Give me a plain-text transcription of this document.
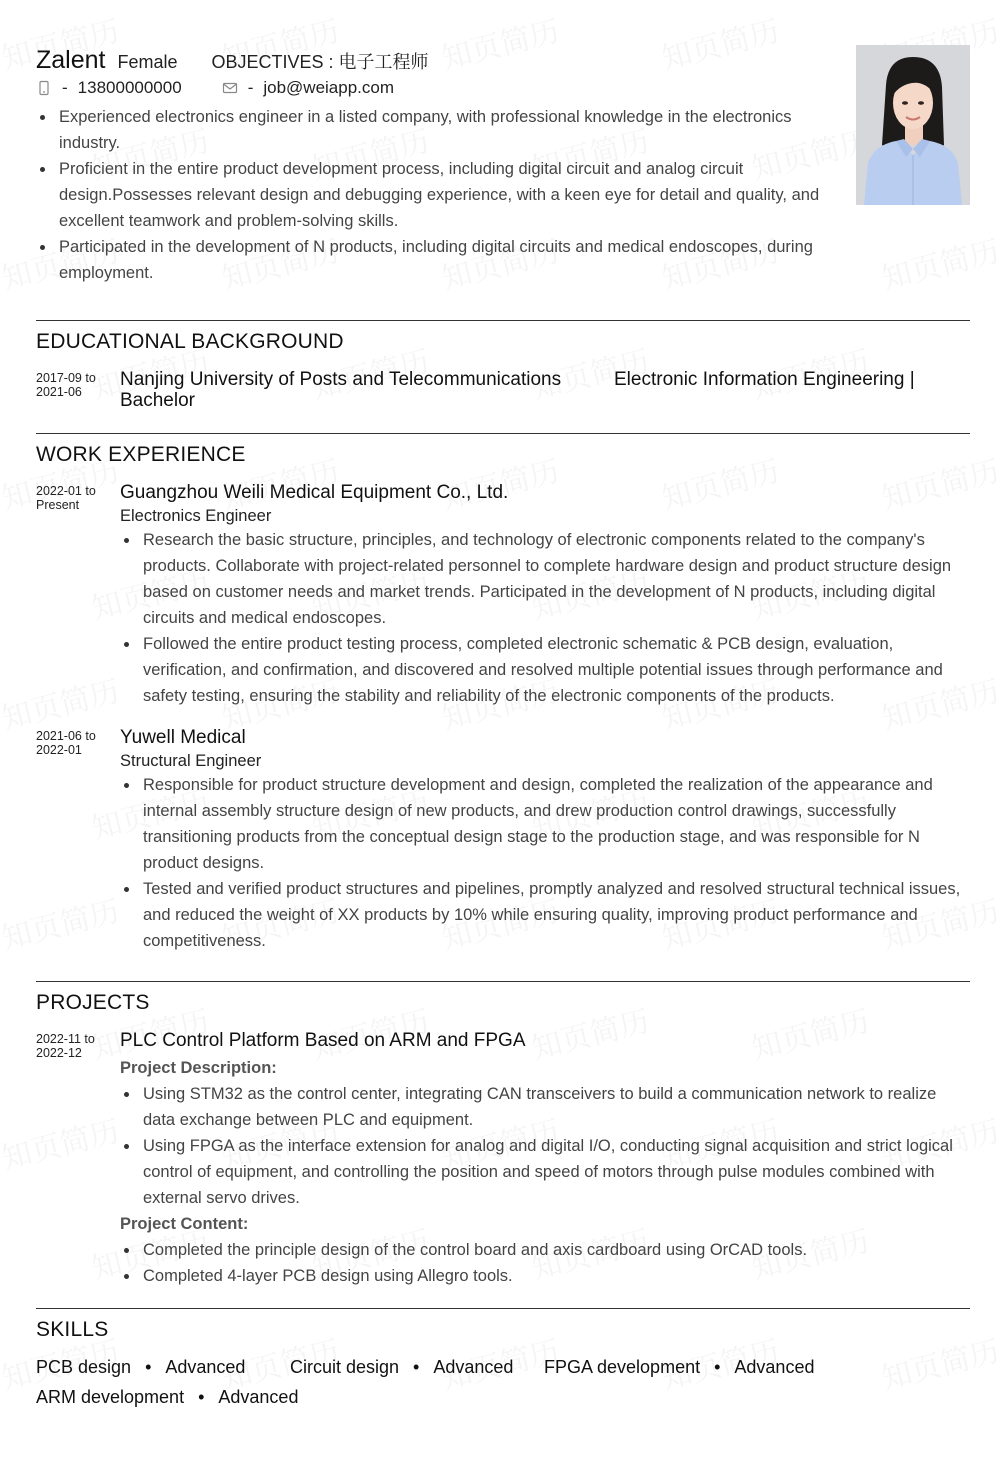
Zalent Female OBJECTIVES : 电子工程师
- 13800000000	- job@weiapp.com
Experienced electronics engineer in a listed company, with professional knowledge in the electronics industry.
Proficient in the entire product development process, including digital circuit and analog circuit design.Possesses relevant design and debugging experience, with a keen eye for detail and quality, and excellent teamwork and problem-solving skills.
Participated in the development of N products, including digital circuits and medical endoscopes, during employment.
EDUCATIONAL BACKGROUND
2017-09 to 2021-06
Nanjing University of Posts and Telecommunications	Electronic Information Engineering |
Bachelor
WORK EXPERIENCE
2022-01 to Present
Guangzhou Weili Medical Equipment Co., Ltd.
Electronics Engineer
Research the basic structure, principles, and technology of electronic components related to the company's products. Collaborate with project-related personnel to complete hardware design and product structure design based on customer needs and market trends. Participated in the development of N products, including digital circuits and medical endoscopes.
Followed the entire product testing process, completed electronic schematic & PCB design, evaluation, verification, and confirmation, and discovered and resolved multiple potential issues through performance and safety testing, ensuring the stability and reliability of the electronic components of the products.
2021-06 to 2022-01
Yuwell Medical
Structural Engineer
Responsible for product structure development and design, completed the realization of the appearance and internal assembly structure design of new products, and drew production control drawings, successfully transitioning products from the conceptual design stage to the production stage, and was responsible for N product designs.
Tested and verified product structures and pipelines, promptly analyzed and resolved structural technical issues, and reduced the weight of XX products by 10% while ensuring quality, improving product performance and competitiveness.
PROJECTS
2022-11 to 2022-12
PLC Control Platform Based on ARM and FPGA
Project Description:
Using STM32 as the control center, integrating CAN transceivers to build a communication network to realize data exchange between PLC and equipment.
Using FPGA as the interface extension for analog and digital I/O, conducting signal acquisition and strict logical control of equipment, and controlling the position and speed of motors through pulse modules combined with external servo drives.
Project Content:
Completed the principle design of the control board and axis cardboard using OrCAD tools.
Completed 4-layer PCB design using Allegro tools.
SKILLS
PCB design • Advanced	Circuit design • Advanced	FPGA development • Advanced
ARM development • Advanced
